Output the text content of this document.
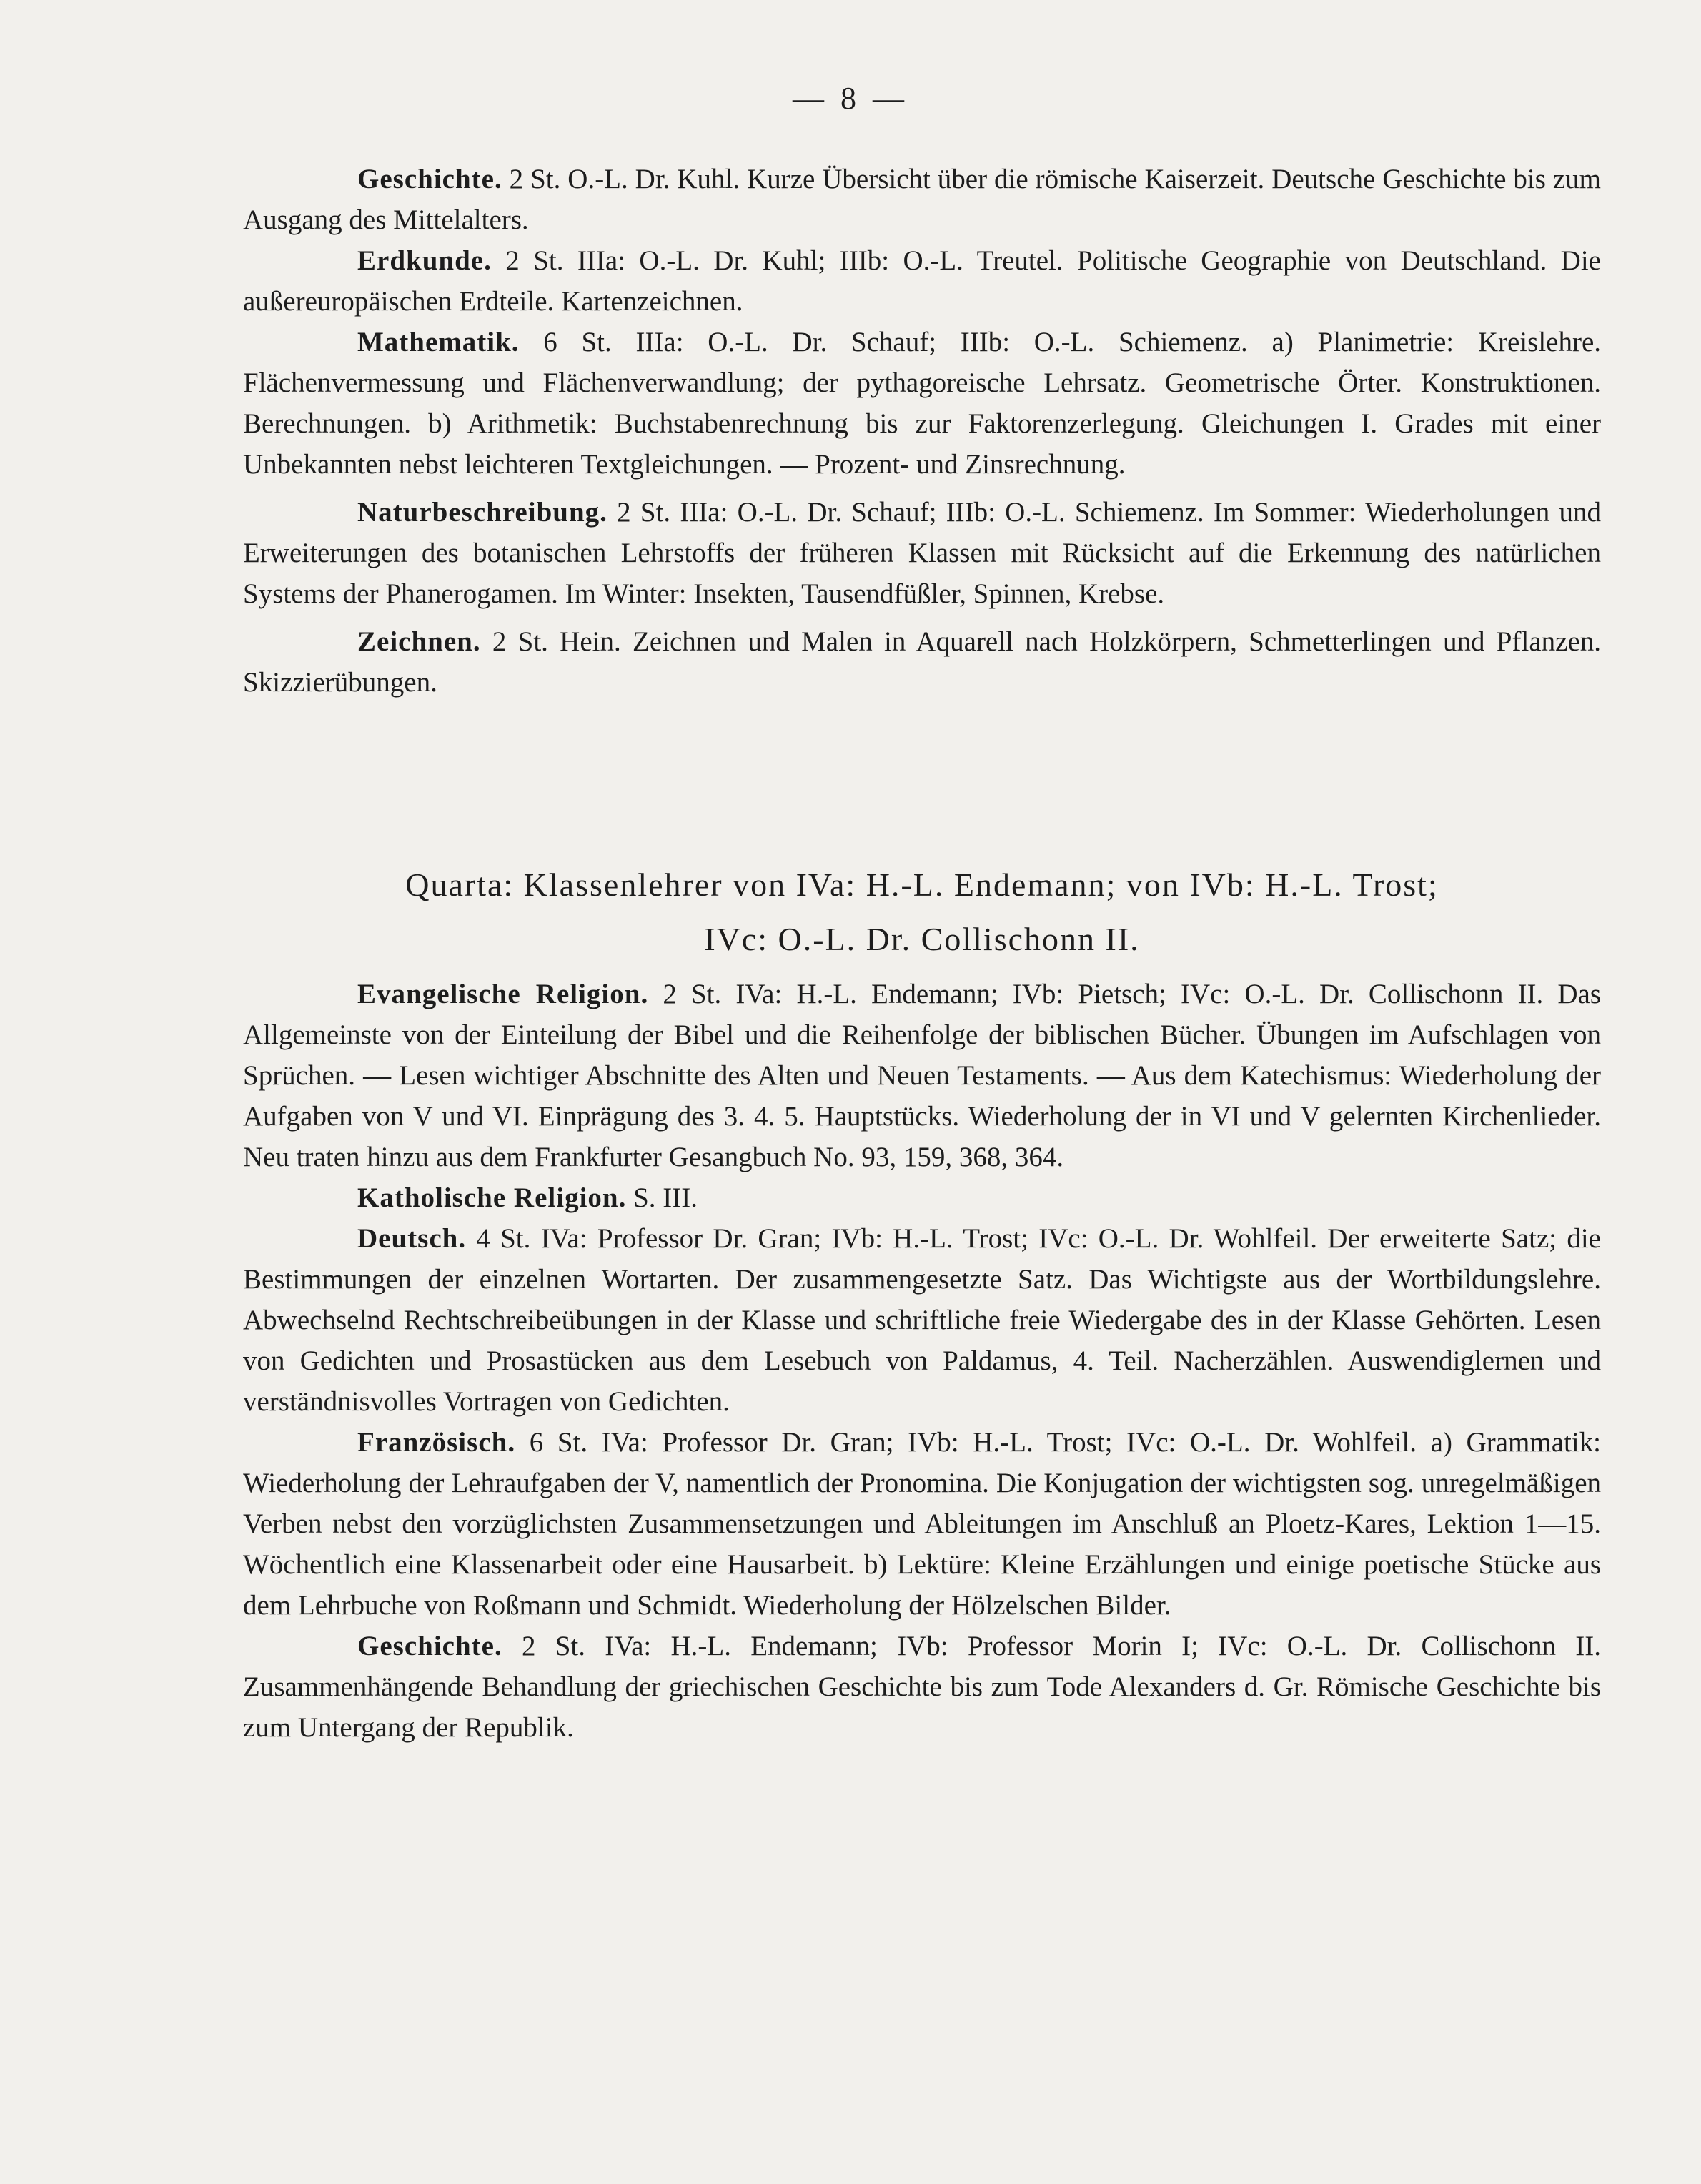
— 8 —

Geschichte. 2 St. O.-L. Dr. Kuhl. Kurze Übersicht über die römische Kaiserzeit. Deutsche Geschichte bis zum Ausgang des Mittelalters.

Erdkunde. 2 St. IIIa: O.-L. Dr. Kuhl; IIIb: O.-L. Treutel. Politische Geographie von Deutschland. Die außereuropäischen Erdteile. Kartenzeichnen.

Mathematik. 6 St. IIIa: O.-L. Dr. Schauf; IIIb: O.-L. Schiemenz. a) Planimetrie: Kreislehre. Flächenvermessung und Flächenverwandlung; der pythagoreische Lehrsatz. Geometrische Örter. Konstruktionen. Berechnungen. b) Arithmetik: Buchstabenrechnung bis zur Faktorenzerlegung. Gleichungen I. Grades mit einer Unbekannten nebst leichteren Textgleichungen. — Prozent- und Zinsrechnung.

Naturbeschreibung. 2 St. IIIa: O.-L. Dr. Schauf; IIIb: O.-L. Schiemenz. Im Sommer: Wiederholungen und Erweiterungen des botanischen Lehrstoffs der früheren Klassen mit Rücksicht auf die Erkennung des natürlichen Systems der Phanerogamen. Im Winter: Insekten, Tausendfüßler, Spinnen, Krebse.

Zeichnen. 2 St. Hein. Zeichnen und Malen in Aquarell nach Holzkörpern, Schmetterlingen und Pflanzen. Skizzierübungen.

Quarta: Klassenlehrer von IVa: H.-L. Endemann; von IVb: H.-L. Trost;
IVc: O.-L. Dr. Collischonn II.

Evangelische Religion. 2 St. IVa: H.-L. Endemann; IVb: Pietsch; IVc: O.-L. Dr. Collischonn II. Das Allgemeinste von der Einteilung der Bibel und die Reihenfolge der biblischen Bücher. Übungen im Aufschlagen von Sprüchen. — Lesen wichtiger Abschnitte des Alten und Neuen Testaments. — Aus dem Katechismus: Wiederholung der Aufgaben von V und VI. Einprägung des 3. 4. 5. Hauptstücks. Wiederholung der in VI und V gelernten Kirchenlieder. Neu traten hinzu aus dem Frankfurter Gesangbuch No. 93, 159, 368, 364.

Katholische Religion. S. III.

Deutsch. 4 St. IVa: Professor Dr. Gran; IVb: H.-L. Trost; IVc: O.-L. Dr. Wohlfeil. Der erweiterte Satz; die Bestimmungen der einzelnen Wortarten. Der zusammengesetzte Satz. Das Wichtigste aus der Wortbildungslehre. Abwechselnd Rechtschreibeübungen in der Klasse und schriftliche freie Wiedergabe des in der Klasse Gehörten. Lesen von Gedichten und Prosastücken aus dem Lesebuch von Paldamus, 4. Teil. Nacherzählen. Auswendiglernen und verständnisvolles Vortragen von Gedichten.

Französisch. 6 St. IVa: Professor Dr. Gran; IVb: H.-L. Trost; IVc: O.-L. Dr. Wohlfeil. a) Grammatik: Wiederholung der Lehraufgaben der V, namentlich der Pronomina. Die Konjugation der wichtigsten sog. unregelmäßigen Verben nebst den vorzüglichsten Zusammensetzungen und Ableitungen im Anschluß an Ploetz-Kares, Lektion 1—15. Wöchentlich eine Klassenarbeit oder eine Hausarbeit. b) Lektüre: Kleine Erzählungen und einige poetische Stücke aus dem Lehrbuche von Roßmann und Schmidt. Wiederholung der Hölzelschen Bilder.

Geschichte. 2 St. IVa: H.-L. Endemann; IVb: Professor Morin I; IVc: O.-L. Dr. Collischonn II. Zusammenhängende Behandlung der griechischen Geschichte bis zum Tode Alexanders d. Gr. Römische Geschichte bis zum Untergang der Republik.
